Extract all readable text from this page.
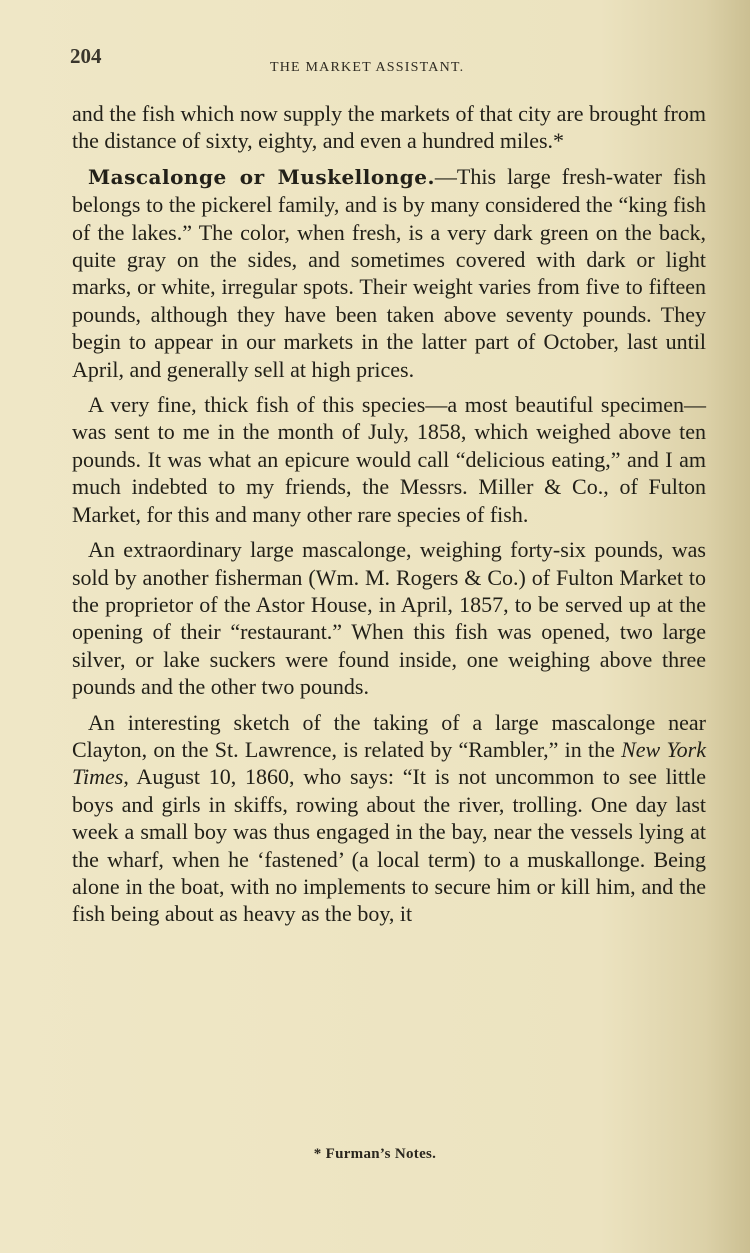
204	THE MARKET ASSISTANT.

and the fish which now supply the markets of that city are brought from the distance of sixty, eighty, and even a hundred miles.*

Mascalonge or Muskellonge.—This large fresh-water fish belongs to the pickerel family, and is by many considered the “king fish of the lakes.” The color, when fresh, is a very dark green on the back, quite gray on the sides, and sometimes covered with dark or light marks, or white, irregular spots. Their weight varies from five to fifteen pounds, although they have been taken above seventy pounds. They begin to appear in our markets in the latter part of October, last until April, and generally sell at high prices.

A very fine, thick fish of this species—a most beautiful specimen—was sent to me in the month of July, 1858, which weighed above ten pounds. It was what an epicure would call “delicious eating,” and I am much indebted to my friends, the Messrs. Miller & Co., of Fulton Market, for this and many other rare species of fish.

An extraordinary large mascalonge, weighing forty-six pounds, was sold by another fisherman (Wm. M. Rogers & Co.) of Fulton Market to the proprietor of the Astor House, in April, 1857, to be served up at the opening of their “restaurant.” When this fish was opened, two large silver, or lake suckers were found inside, one weighing above three pounds and the other two pounds.

An interesting sketch of the taking of a large mascalonge near Clayton, on the St. Lawrence, is related by “Rambler,” in the New York Times, August 10, 1860, who says: “It is not uncommon to see little boys and girls in skiffs, rowing about the river, trolling. One day last week a small boy was thus engaged in the bay, near the vessels lying at the wharf, when he ‘fastened’ (a local term) to a muskallonge. Being alone in the boat, with no implements to secure him or kill him, and the fish being about as heavy as the boy, it

* Furman’s Notes.
